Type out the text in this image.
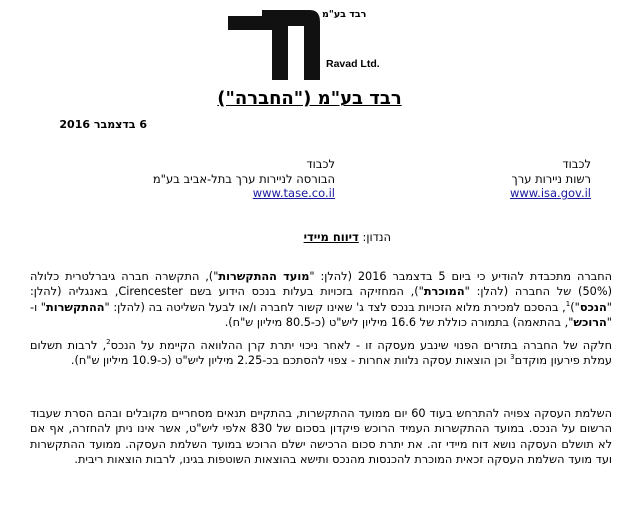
רבד בע"מ
Ravad Ltd.
רבד בע"מ ("החברה")
6 בדצמבר 2016
לכבוד
רשות ניירות ערך
www.isa.gov.il
לכבוד
הבורסה לניירות ערך בתל-אביב בע"מ
www.tase.co.il
הנדון: דיווח מיידי
החברה מתכבדת להודיע כי ביום 5 בדצמבר 2016 (להלן: "מועד ההתקשרות"), התקשרה חברה גיברלטרית כלולה (50%) של החברה (להלן: "המוכרת"), המחזיקה בזכויות בעלות בנכס הידוע בשם Cirencester, באנגליה (להלן: "הנכס")$^1$, בהסכם למכירת מלוא הזכויות בנכס לצד ג' שאינו קשור לחברה ו/או לבעל השליטה בה (להלן: "ההתקשרות" ו-"הרוכש", בהתאמה) בתמורה כוללת של 16.6 מיליון ליש"ט (כ-80.5 מיליון ש"ח).
חלקה של החברה בתזרים הפנוי שינבע מעסקה זו - לאחר ניכוי יתרת קרן ההלוואה הקיימת על הנכס$^2$, לרבות תשלום עמלת פירעון מוקדם$^3$ וכן הוצאות עסקה נלוות אחרות - צפוי להסתכם בכ-2.25 מיליון ליש"ט (כ-10.9 מיליון ש"ח).
השלמת העסקה צפויה להתרחש בעוד 60 יום ממועד ההתקשרות, בהתקיים תנאים מסחריים מקובלים ובהם הסרת שעבוד הרשום על הנכס. במועד ההתקשרות העמיד הרוכש פיקדון בסכום של 830 אלפי ליש"ט, אשר אינו ניתן להחזרה, אף אם לא תושלם העסקה נושא דוח מיידי זה. את יתרת סכום הרכישה ישלם הרוכש במועד השלמת העסקה. ממועד ההתקשרות ועד מועד השלמת העסקה זכאית המוכרת להכנסות מהנכס ותישא בהוצאות השוטפות בגינו, לרבות הוצאות ריבית.
